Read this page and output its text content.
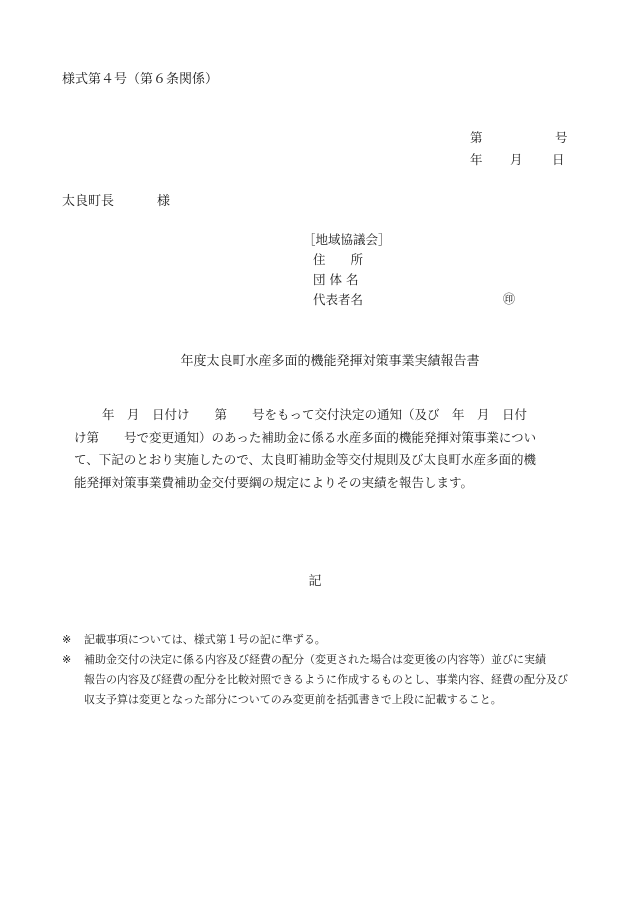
様式第４号（第６条関係）
第	号
年 月 日
太良町長	様
［地域協議会］
住　　所
団 体 名
代表者名	㊞
年度太良町水産多面的機能発揮対策事業実績報告書
年　月　日付け　　第　　号をもって交付決定の通知（及び　年　月　日付
け第　　号で変更通知）のあった補助金に係る水産多面的機能発揮対策事業につい
て、下記のとおり実施したので、太良町補助金等交付規則及び太良町水産多面的機
能発揮対策事業費補助金交付要綱の規定によりその実績を報告します。
記
※ 記載事項については、様式第１号の記に準ずる。
※ 補助金交付の決定に係る内容及び経費の配分（変更された場合は変更後の内容等）並びに実績
報告の内容及び経費の配分を比較対照できるように作成するものとし、事業内容、経費の配分及び
収支予算は変更となった部分についてのみ変更前を括弧書きで上段に記載すること。
